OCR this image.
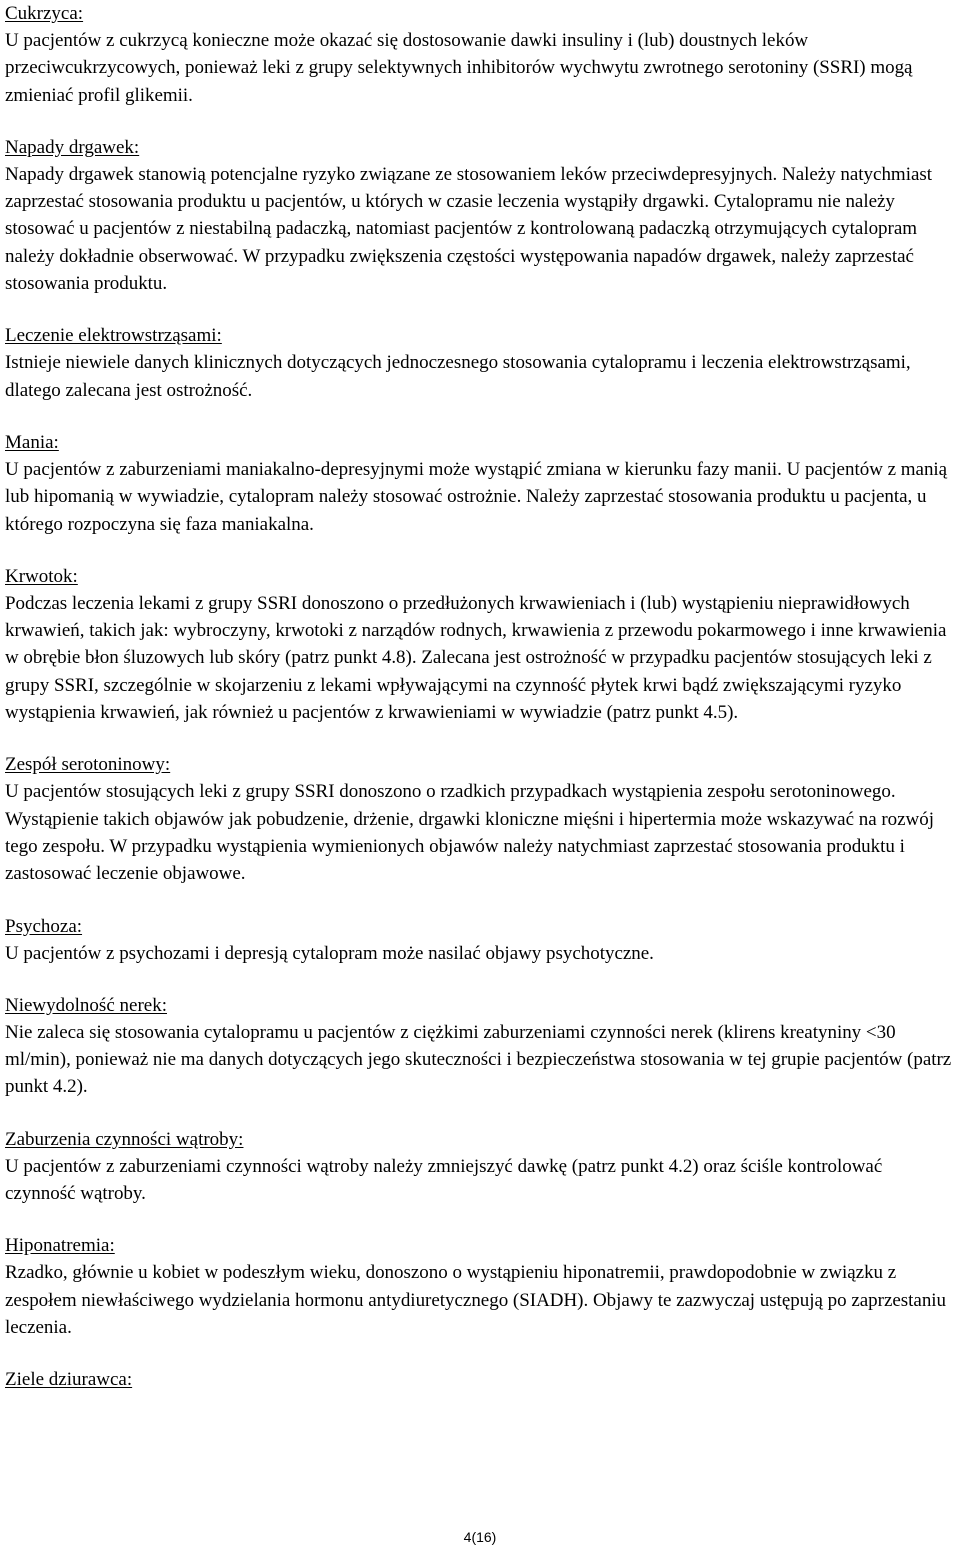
Cukrzyca:

U pacjentów z cukrzycą konieczne może okazać się dostosowanie dawki insuliny i (lub) doustnych leków przeciwcukrzycowych, ponieważ leki z grupy selektywnych inhibitorów wychwytu zwrotnego serotoniny (SSRI) mogą zmieniać profil glikemii.

Napady drgawek:

Napady drgawek stanowią potencjalne ryzyko związane ze stosowaniem leków przeciwdepresyjnych. Należy natychmiast zaprzestać stosowania produktu u pacjentów, u których w czasie leczenia wystąpiły drgawki. Cytalopramu nie należy stosować u pacjentów z niestabilną padaczką, natomiast pacjentów z kontrolowaną padaczką otrzymujących cytalopram należy dokładnie obserwować. W przypadku zwiększenia częstości występowania napadów drgawek, należy zaprzestać stosowania produktu.

Leczenie elektrowstrząsami:

Istnieje niewiele danych klinicznych dotyczących jednoczesnego stosowania cytalopramu i leczenia elektrowstrząsami, dlatego zalecana jest ostrożność.

Mania:

U pacjentów z zaburzeniami maniakalno-depresyjnymi może wystąpić zmiana w kierunku fazy manii. U pacjentów z manią lub hipomanią w wywiadzie, cytalopram należy stosować ostrożnie. Należy zaprzestać stosowania produktu u pacjenta, u którego rozpoczyna się faza maniakalna.

Krwotok:

Podczas leczenia lekami z grupy SSRI donoszono o przedłużonych krwawieniach i (lub) wystąpieniu nieprawidłowych krwawień, takich jak: wybroczyny, krwotoki z narządów rodnych, krwawienia z przewodu pokarmowego i inne krwawienia w obrębie błon śluzowych lub skóry (patrz punkt 4.8). Zalecana jest ostrożność w przypadku pacjentów stosujących leki z grupy SSRI, szczególnie w skojarzeniu z lekami wpływającymi na czynność płytek krwi bądź zwiększającymi ryzyko wystąpienia krwawień, jak również u pacjentów z krwawieniami w wywiadzie (patrz punkt 4.5).

Zespół serotoninowy:

U pacjentów stosujących leki z grupy SSRI donoszono o rzadkich przypadkach wystąpienia zespołu serotoninowego. Wystąpienie takich objawów jak pobudzenie, drżenie, drgawki kloniczne mięśni i hipertermia może wskazywać na rozwój tego zespołu. W przypadku wystąpienia wymienionych objawów należy natychmiast zaprzestać stosowania produktu i zastosować leczenie objawowe.

Psychoza:

U pacjentów z psychozami i depresją cytalopram może nasilać objawy psychotyczne.

Niewydolność nerek:

Nie zaleca się stosowania cytalopramu u pacjentów z ciężkimi zaburzeniami czynności nerek (klirens kreatyniny <30 ml/min), ponieważ nie ma danych dotyczących jego skuteczności i bezpieczeństwa stosowania w tej grupie pacjentów (patrz punkt 4.2).

Zaburzenia czynności wątroby:

U pacjentów z zaburzeniami czynności wątroby należy zmniejszyć dawkę (patrz punkt 4.2) oraz ściśle kontrolować czynność wątroby.

Hiponatremia:

Rzadko, głównie u kobiet w podeszłym wieku, donoszono o wystąpieniu hiponatremii, prawdopodobnie w związku z zespołem niewłaściwego wydzielania hormonu antydiuretycznego (SIADH). Objawy te zazwyczaj ustępują po zaprzestaniu leczenia.

Ziele dziurawca:
4(16)
